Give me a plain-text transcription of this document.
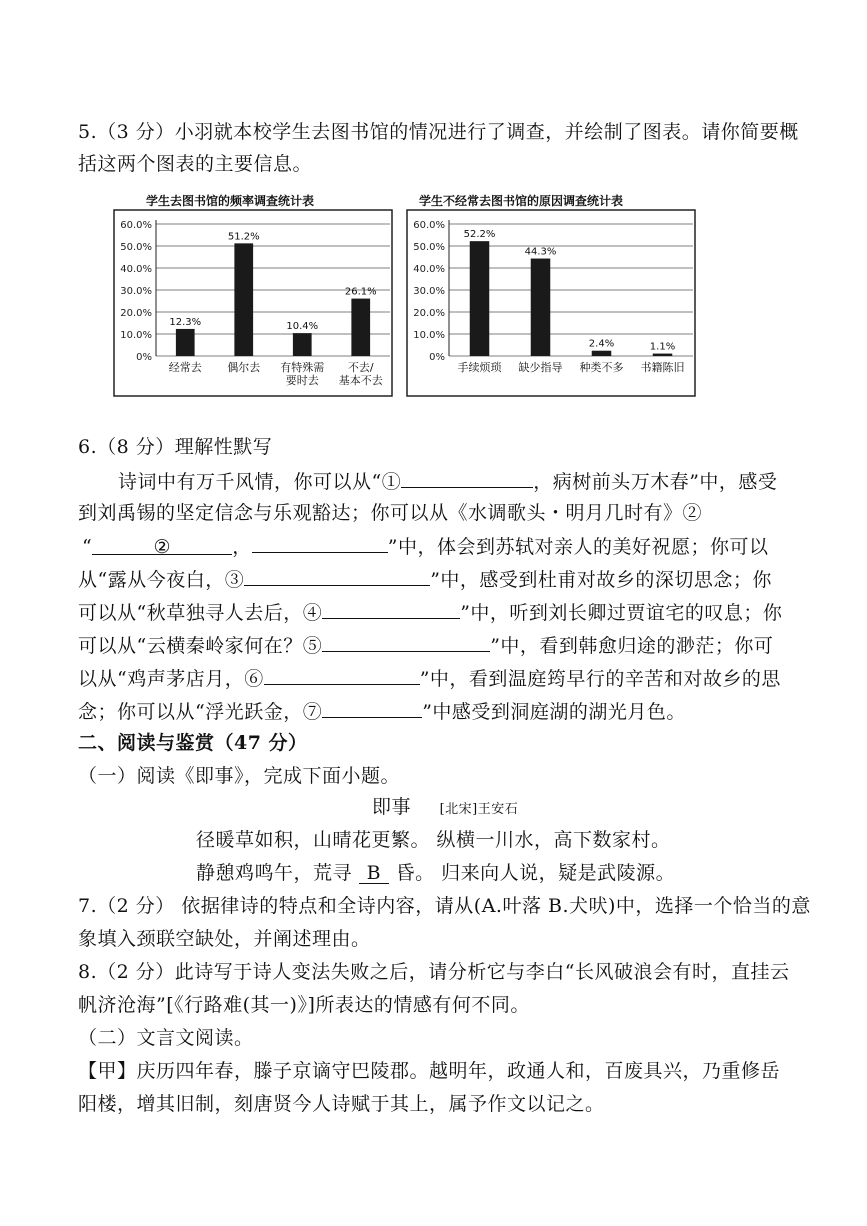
5.（3 分）小羽就本校学生去图书馆的情况进行了调查，并绘制了图表。请你简要概
括这两个图表的主要信息。
学生去图书馆的频率调查统计表
0%
10.0%
20.0%
30.0%
40.0%
50.0%
60.0%
12.3%
经常去
51.2%
偶尔去
10.4%
有特殊需
要时去
26.1%
不去/
基本不去
学生不经常去图书馆的原因调查统计表
0%
10.0%
20.0%
30.0%
40.0%
50.0%
60.0%
52.2%
手续烦琐
44.3%
缺少指导
2.4%
种类不多
1.1%
书籍陈旧
6.（8 分）理解性默写
诗词中有万千风情，你可以从“①	，病树前头万木春”中，感受
到刘禹锡的坚定信念与乐观豁达；你可以从《水调歌头・明月几时有》②
“	②	，	”中，体会到苏轼对亲人的美好祝愿；你可以
从“露从今夜白，③	”中，感受到杜甫对故乡的深切思念；你
可以从“秋草独寻人去后，④	”中，听到刘长卿过贾谊宅的叹息；你
可以从“云横秦岭家何在？⑤	”中，看到韩愈归途的渺茫；你可
以从“鸡声茅店月，⑥	”中，看到温庭筠早行的辛苦和对故乡的思
念；你可以从“浮光跃金，⑦	”中感受到洞庭湖的湖光月色。
二、阅读与鉴赏（47 分）
（一）阅读《即事》，完成下面小题。
即事 [北宋]王安石
径暖草如积，山晴花更繁。 纵横一川水，高下数家村。
静憩鸡鸣午，荒寻 B 昏。 归来向人说，疑是武陵源。
7.（2 分） 依据律诗的特点和全诗内容，请从(A.叶落 B.犬吠)中，选择一个恰当的意
象填入颈联空缺处，并阐述理由。
8.（2 分）此诗写于诗人变法失败之后，请分析它与李白“长风破浪会有时，直挂云
帆济沧海”[《行路难(其一)》]所表达的情感有何不同。
（二）文言文阅读。
【甲】庆历四年春，滕子京谪守巴陵郡。越明年，政通人和，百废具兴，乃重修岳
阳楼，增其旧制，刻唐贤今人诗赋于其上，属予作文以记之。
